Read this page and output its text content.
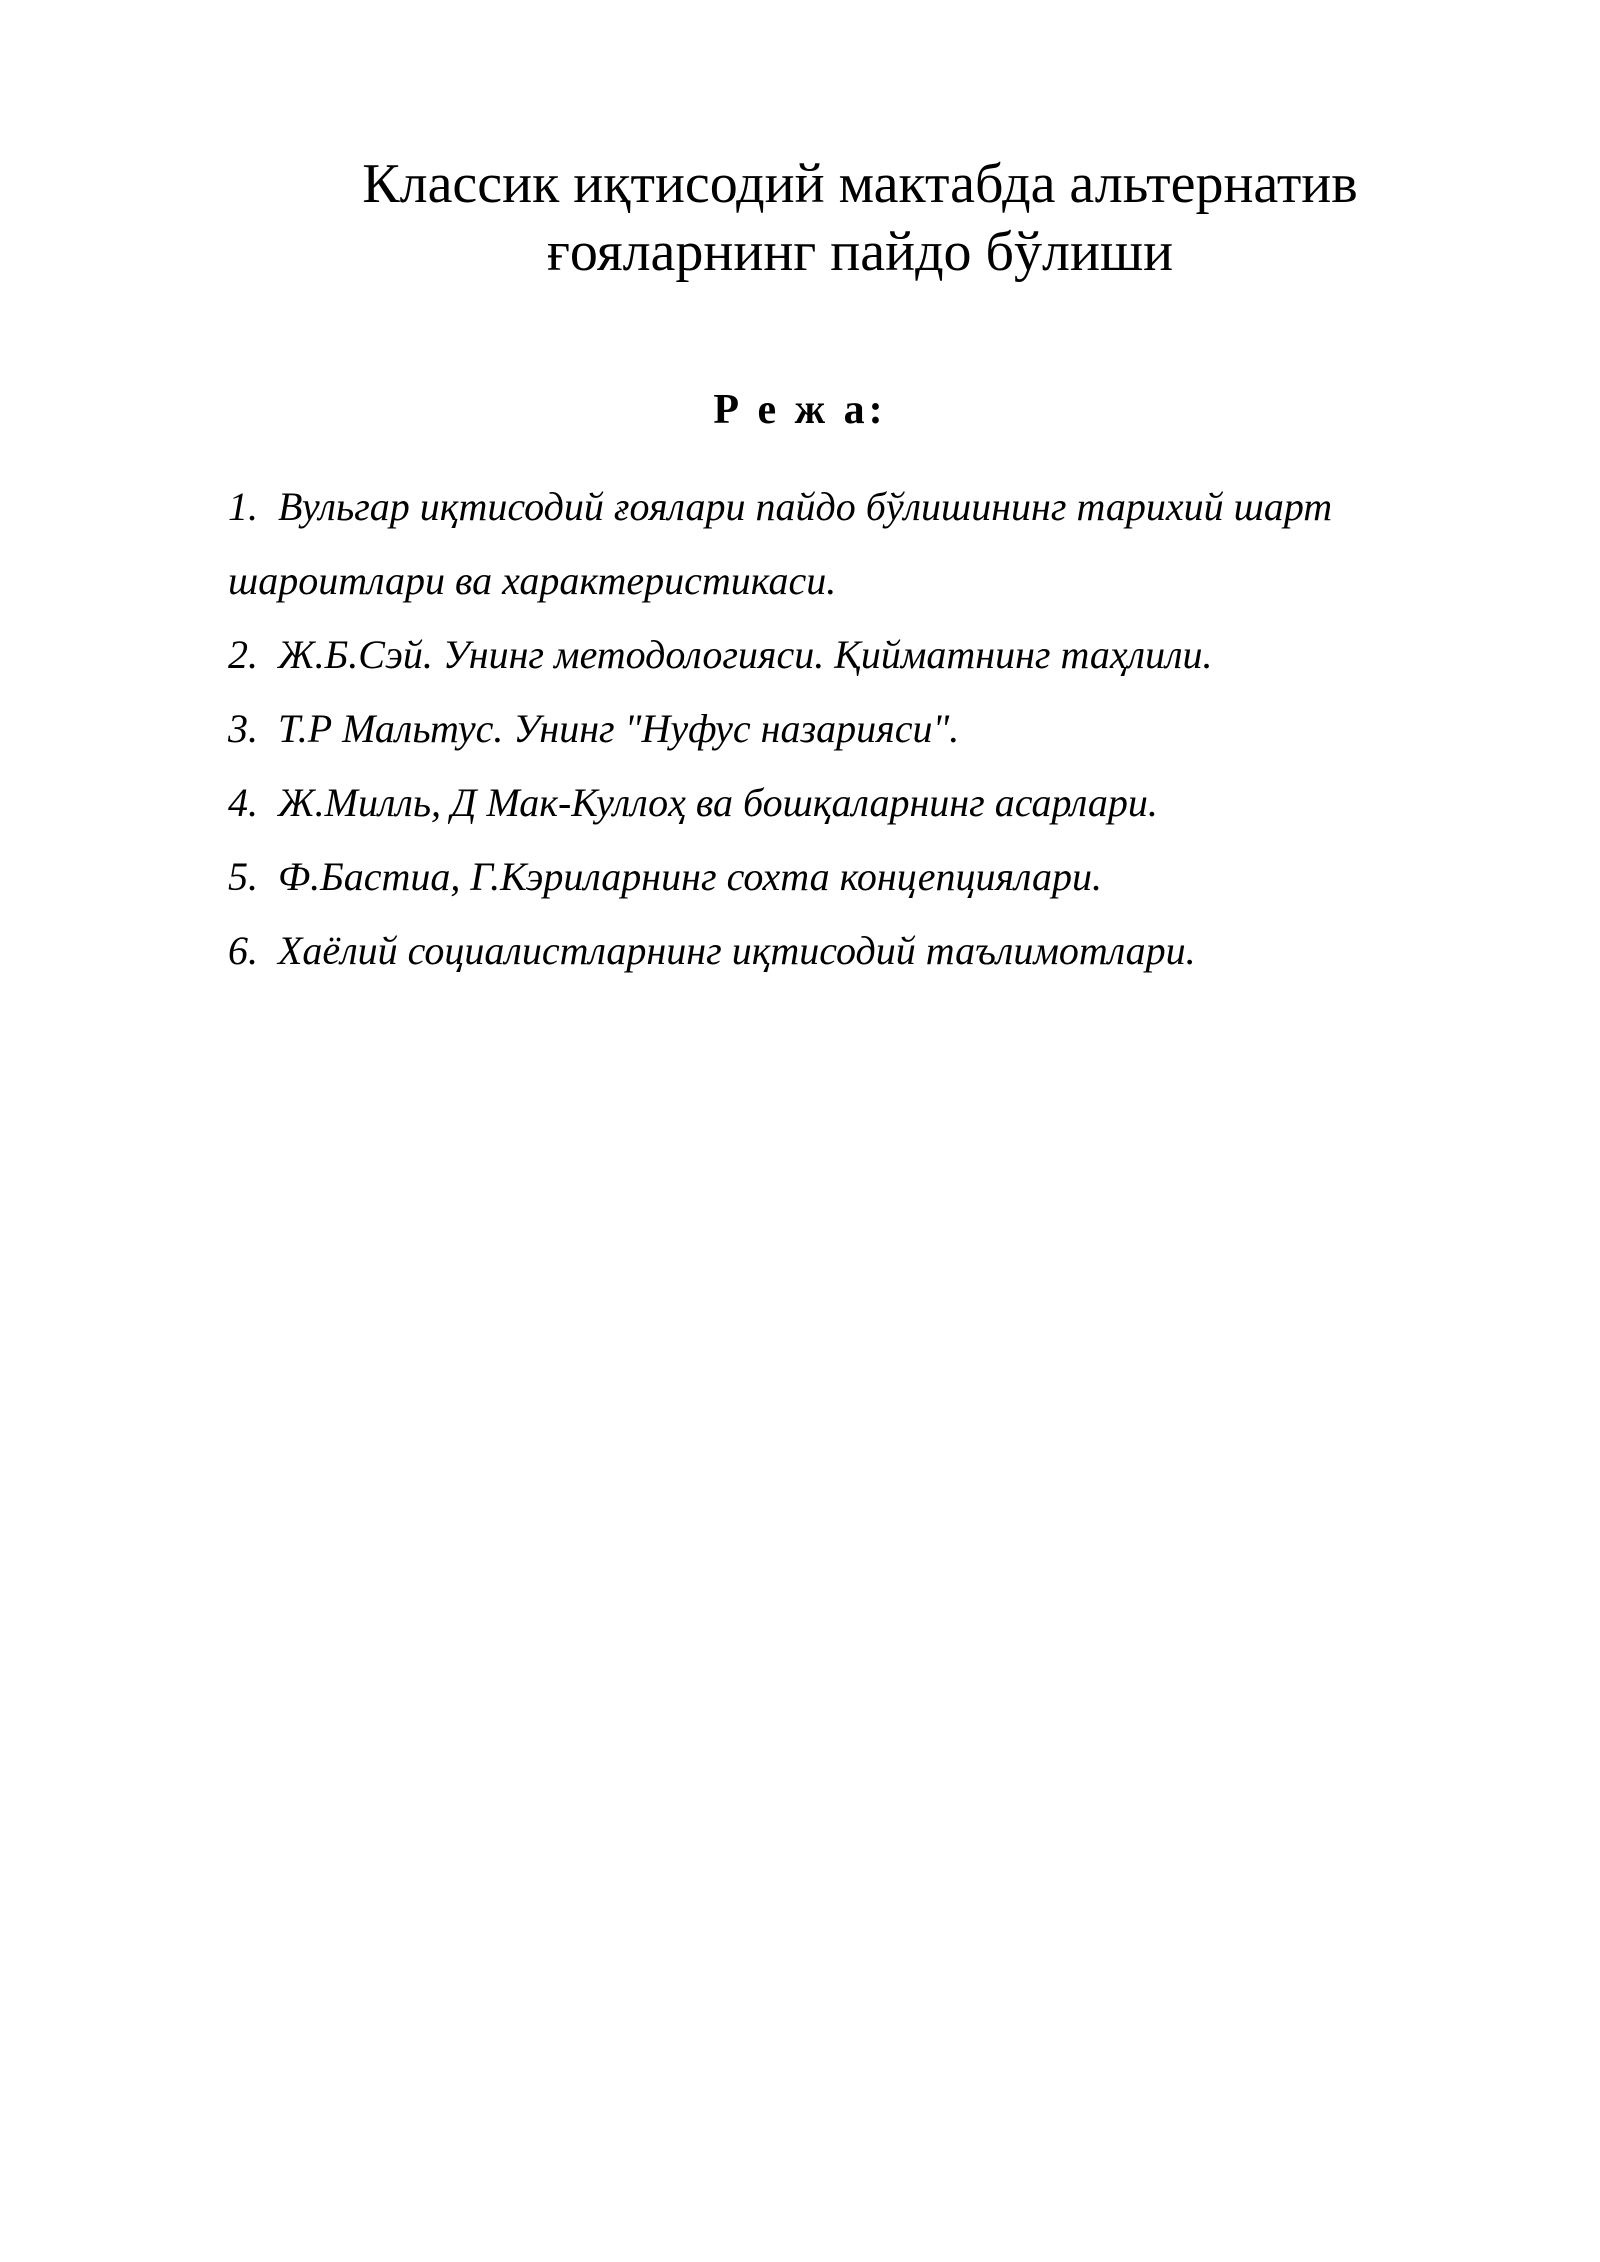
Классик иқтисодий мактабда альтернатив
ғояларнинг пайдо бўлиши
Р е ж а:
1. Вульгар иқтисодий ғоялари пайдо бўлишининг тарихий шарт
шароитлари ва характеристикаси.
2. Ж.Б.Сэй. Унинг методологияси. Қийматнинг таҳлили.
3. Т.Р Мальтус. Унинг "Нуфус назарияси".
4. Ж.Милль, Д Мак-Куллоҳ ва бошқаларнинг асарлари.
5. Ф.Бастиа, Г.Кэриларнинг сохта концепциялари.
6. Хаёлий социалистларнинг иқтисодий таълимотлари.
